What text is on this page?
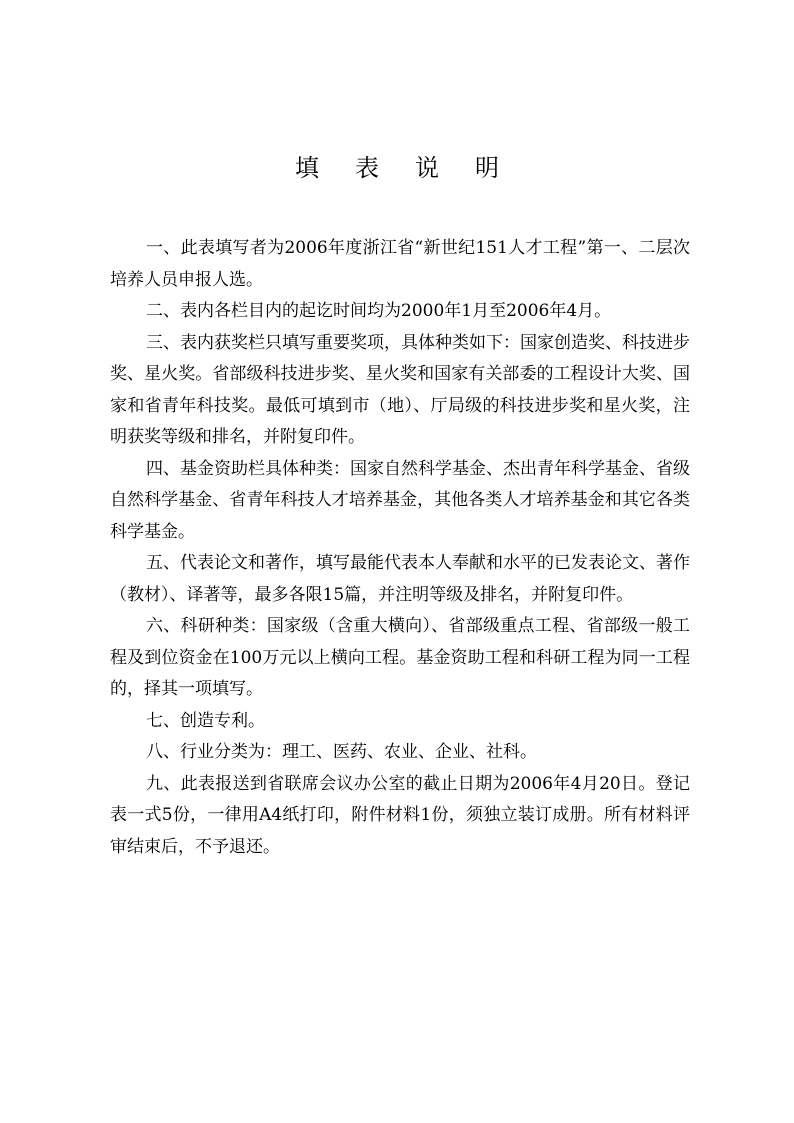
填表说明

一、此表填写者为2006年度浙江省“新世纪151人才工程”第一、二层次培养人员申报人选。

二、表内各栏目内的起讫时间均为2000年1月至2006年4月。

三、表内获奖栏只填写重要奖项，具体种类如下：国家创造奖、科技进步奖、星火奖。省部级科技进步奖、星火奖和国家有关部委的工程设计大奖、国家和省青年科技奖。最低可填到市（地）、厅局级的科技进步奖和星火奖，注明获奖等级和排名，并附复印件。

四、基金资助栏具体种类：国家自然科学基金、杰出青年科学基金、省级自然科学基金、省青年科技人才培养基金，其他各类人才培养基金和其它各类科学基金。

五、代表论文和著作，填写最能代表本人奉献和水平的已发表论文、著作（教材）、译著等，最多各限15篇，并注明等级及排名，并附复印件。

六、科研种类：国家级（含重大横向）、省部级重点工程、省部级一般工程及到位资金在100万元以上横向工程。基金资助工程和科研工程为同一工程的，择其一项填写。

七、创造专利。

八、行业分类为：理工、医药、农业、企业、社科。

九、此表报送到省联席会议办公室的截止日期为2006年4月20日。登记表一式5份，一律用A4纸打印，附件材料1份，须独立装订成册。所有材料评审结束后，不予退还。
